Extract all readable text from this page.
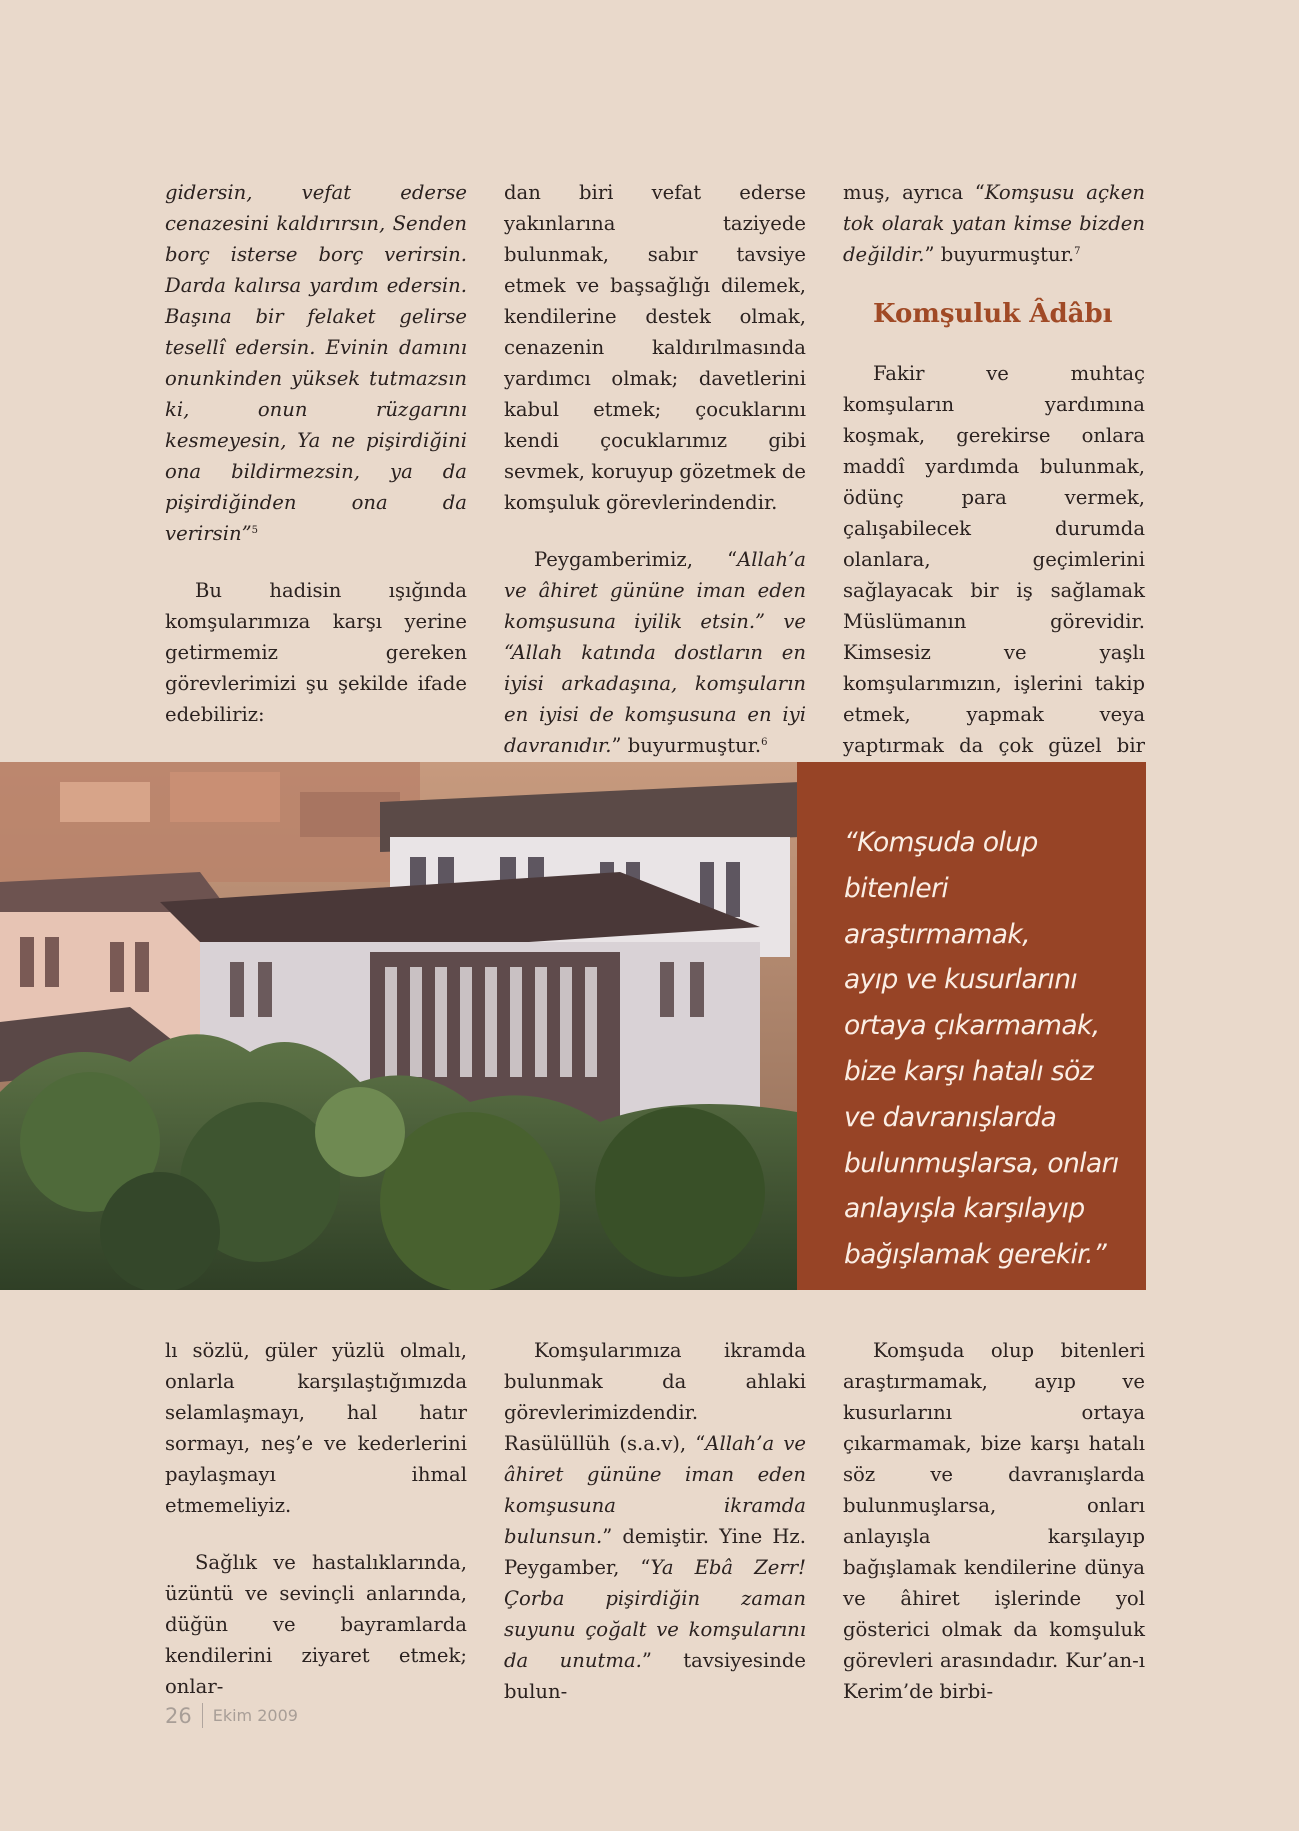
gidersin, vefat ederse cenazesini kaldırırsın, Senden borç isterse borç verirsin. Darda kalırsa yardım edersin. Başına bir felaket gelirse tesellî edersin. Evinin damını onunkinden yüksek tutmazsın ki, onun rüzgarını kesmeyesin, Ya ne pişirdiğini ona bildirmezsin, ya da pişirdiğinden ona da verirsin”$^5$

Bu hadisin ışığında komşularımıza karşı yerine getirmemiz gereken görevlerimizi şu şekilde ifade edebiliriz:

dan biri vefat ederse yakınlarına taziyede bulunmak, sabır tavsiye etmek ve başsağlığı dilemek, kendilerine destek olmak, cenazenin kaldırılmasında yardımcı olmak; davetlerini kabul etmek; çocuklarını kendi çocuklarımız gibi sevmek, koruyup gözetmek de komşuluk görevlerindendir.

Peygamberimiz, “Allah’a ve âhiret gününe iman eden komşusuna iyilik etsin.” ve “Allah katında dostların en iyisi arkadaşına, komşuların en iyisi de komşusuna en iyi davranıdır.” buyurmuştur.$^6$

muş, ayrıca “Komşusu açken tok olarak yatan kimse bizden değildir.” buyurmuştur.$^7$

Komşuluk Âdâbı

Fakir ve muhtaç komşuların yardımına koşmak, gerekirse onlara maddî yardımda bulunmak, ödünç para vermek, çalışabilecek durumda olanlara, geçimlerini sağlayacak bir iş sağlamak Müslümanın görevidir. Kimsesiz ve yaşlı komşularımızın, işlerini takip etmek, yapmak veya yaptırmak da çok güzel bir

“Komşuda olup
bitenleri araştırmamak,
ayıp ve kusurlarını
ortaya çıkarmamak,
bize karşı hatalı söz
ve davranışlarda
bulunmuşlarsa, onları
anlayışla karşılayıp
bağışlamak gerekir.”

lı sözlü, güler yüzlü olmalı, onlarla karşılaştığımızda selamlaşmayı, hal hatır sormayı, neş’e ve kederlerini paylaşmayı ihmal etmemeliyiz.

Sağlık ve hastalıklarında, üzüntü ve sevinçli anlarında, düğün ve bayramlarda kendilerini ziyaret etmek; onlar-

Komşularımıza ikramda bulunmak da ahlaki görevlerimizdendir. Rasülüllüh (s.a.v), “Allah’a ve âhiret gününe iman eden komşusuna ikramda bulunsun.” demiştir. Yine Hz. Peygamber, “Ya Ebâ Zerr! Çorba pişirdiğin zaman suyunu çoğalt ve komşularını da unutma.” tavsiyesinde bulun-

Komşuda olup bitenleri araştırmamak, ayıp ve kusurlarını ortaya çıkarmamak, bize karşı hatalı söz ve davranışlarda bulunmuşlarsa, onları anlayışla karşılayıp bağışlamak kendilerine dünya ve âhiret işlerinde yol gösterici olmak da komşuluk görevleri arasındadır. Kur’an-ı Kerim’de birbi-

26 Ekim 2009
